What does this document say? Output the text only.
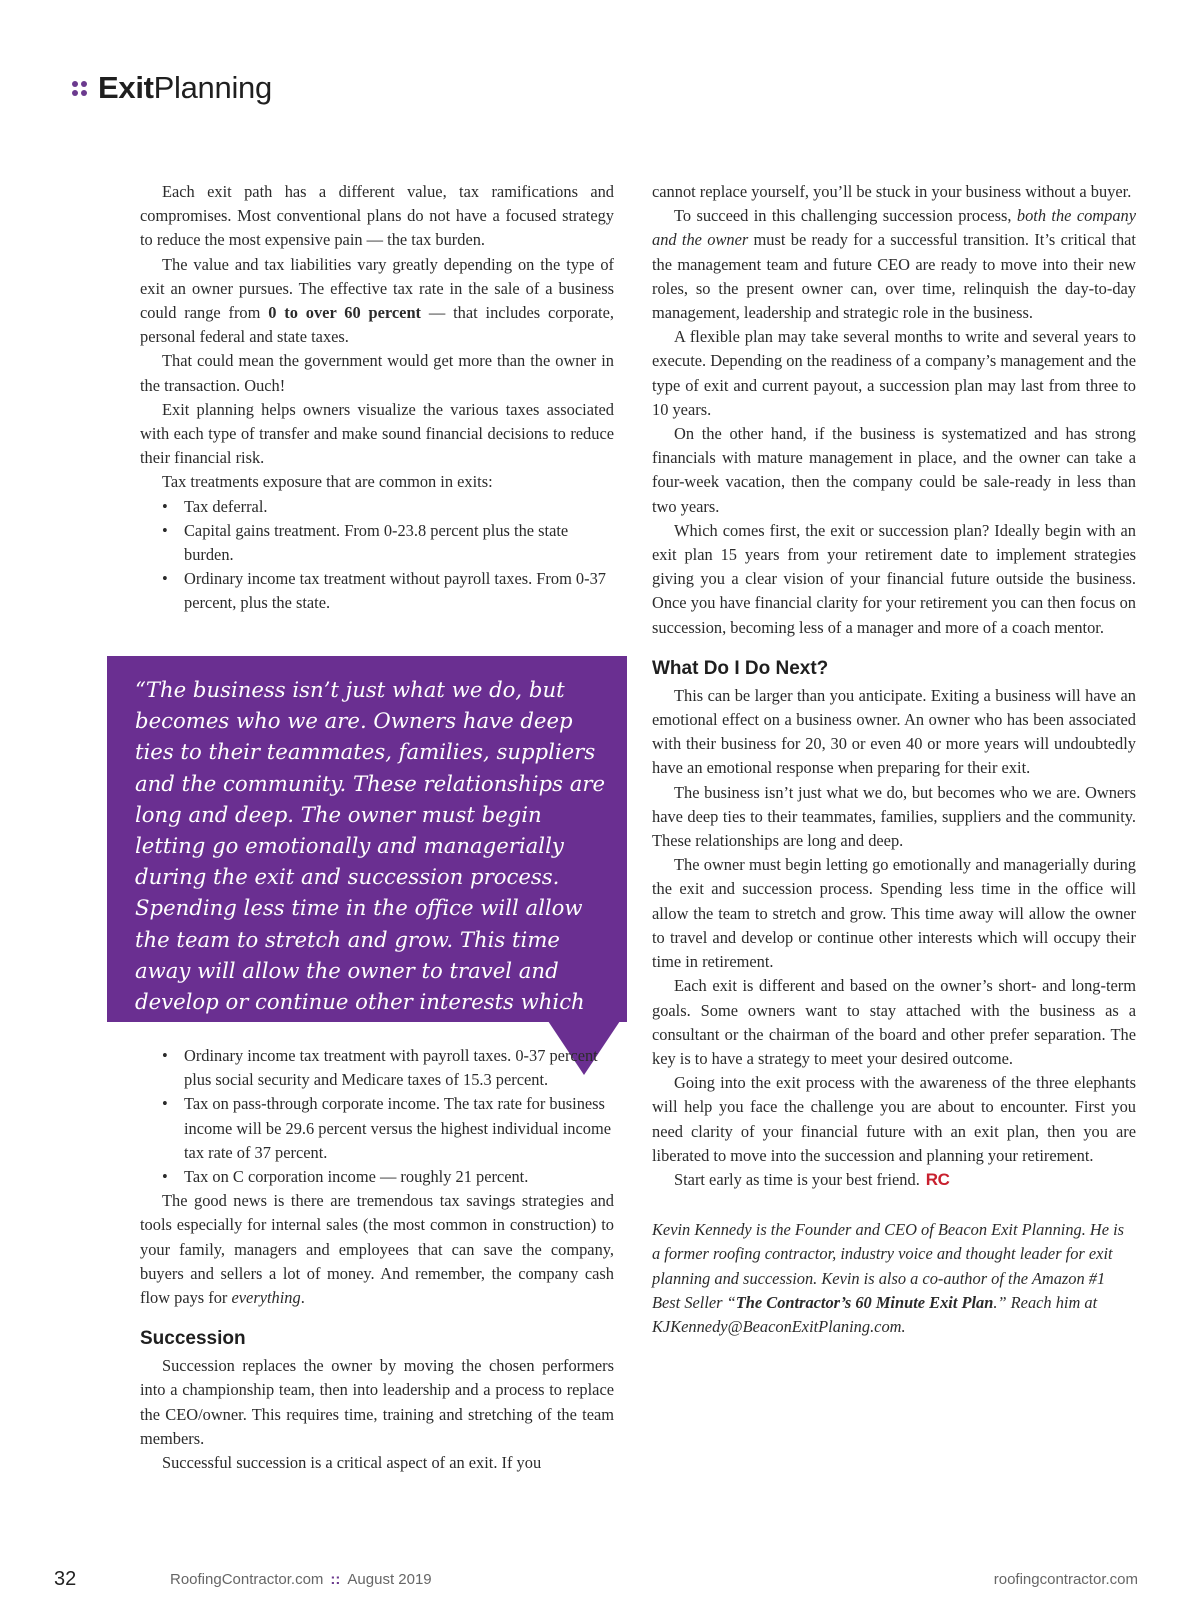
ExitPlanning

Each exit path has a different value, tax ramifications and compromises. Most conventional plans do not have a focused strategy to reduce the most expensive pain — the tax burden.

The value and tax liabilities vary greatly depending on the type of exit an owner pursues. The effective tax rate in the sale of a business could range from 0 to over 60 percent — that includes corporate, personal federal and state taxes.

That could mean the government would get more than the owner in the transaction. Ouch!

Exit planning helps owners visualize the various taxes associated with each type of transfer and make sound financial decisions to reduce their financial risk.

Tax treatments exposure that are common in exits:

• Tax deferral.
• Capital gains treatment. From 0-23.8 percent plus the state burden.
• Ordinary income tax treatment without payroll taxes. From 0-37 percent, plus the state.

“The business isn’t just what we do, but becomes who we are. Owners have deep ties to their teammates, families, suppliers and the community. These relationships are long and deep. The owner must begin letting go emotionally and managerially during the exit and succession process. Spending less time in the office will allow the team to stretch and grow. This time away will allow the owner to travel and develop or continue other interests which will occupy their time in retirement.”

• Ordinary income tax treatment with payroll taxes. 0-37 percent plus social security and Medicare taxes of 15.3 percent.
• Tax on pass-through corporate income. The tax rate for business income will be 29.6 percent versus the highest individual income tax rate of 37 percent.
• Tax on C corporation income — roughly 21 percent.

The good news is there are tremendous tax savings strategies and tools especially for internal sales (the most common in construction) to your family, managers and employees that can save the company, buyers and sellers a lot of money. And remember, the company cash flow pays for everything.

Succession

Succession replaces the owner by moving the chosen performers into a championship team, then into leadership and a process to replace the CEO/owner. This requires time, training and stretching of the team members.

Successful succession is a critical aspect of an exit. If you

cannot replace yourself, you’ll be stuck in your business without a buyer.

To succeed in this challenging succession process, both the company and the owner must be ready for a successful transition. It’s critical that the management team and future CEO are ready to move into their new roles, so the present owner can, over time, relinquish the day-to-day management, leadership and strategic role in the business.

A flexible plan may take several months to write and several years to execute. Depending on the readiness of a company’s management and the type of exit and current payout, a succession plan may last from three to 10 years.

On the other hand, if the business is systematized and has strong financials with mature management in place, and the owner can take a four-week vacation, then the company could be sale-ready in less than two years.

Which comes first, the exit or succession plan? Ideally begin with an exit plan 15 years from your retirement date to implement strategies giving you a clear vision of your financial future outside the business. Once you have financial clarity for your retirement you can then focus on succession, becoming less of a manager and more of a coach mentor.

What Do I Do Next?

This can be larger than you anticipate. Exiting a business will have an emotional effect on a business owner. An owner who has been associated with their business for 20, 30 or even 40 or more years will undoubtedly have an emotional response when preparing for their exit.

The business isn’t just what we do, but becomes who we are. Owners have deep ties to their teammates, families, suppliers and the community. These relationships are long and deep.

The owner must begin letting go emotionally and managerially during the exit and succession process. Spending less time in the office will allow the team to stretch and grow. This time away will allow the owner to travel and develop or continue other interests which will occupy their time in retirement.

Each exit is different and based on the owner’s short- and long-term goals. Some owners want to stay attached with the business as a consultant or the chairman of the board and other prefer separation. The key is to have a strategy to meet your desired outcome.

Going into the exit process with the awareness of the three elephants will help you face the challenge you are about to encounter. First you need clarity of your financial future with an exit plan, then you are liberated to move into the succession and planning your retirement.

Start early as time is your best friend. RC

Kevin Kennedy is the Founder and CEO of Beacon Exit Planning. He is a former roofing contractor, industry voice and thought leader for exit planning and succession. Kevin is also a co-author of the Amazon #1 Best Seller “The Contractor’s 60 Minute Exit Plan.” Reach him at KJKennedy@BeaconExitPlaning.com.

32	RoofingContractor.com :: August 2019	roofingcontractor.com
